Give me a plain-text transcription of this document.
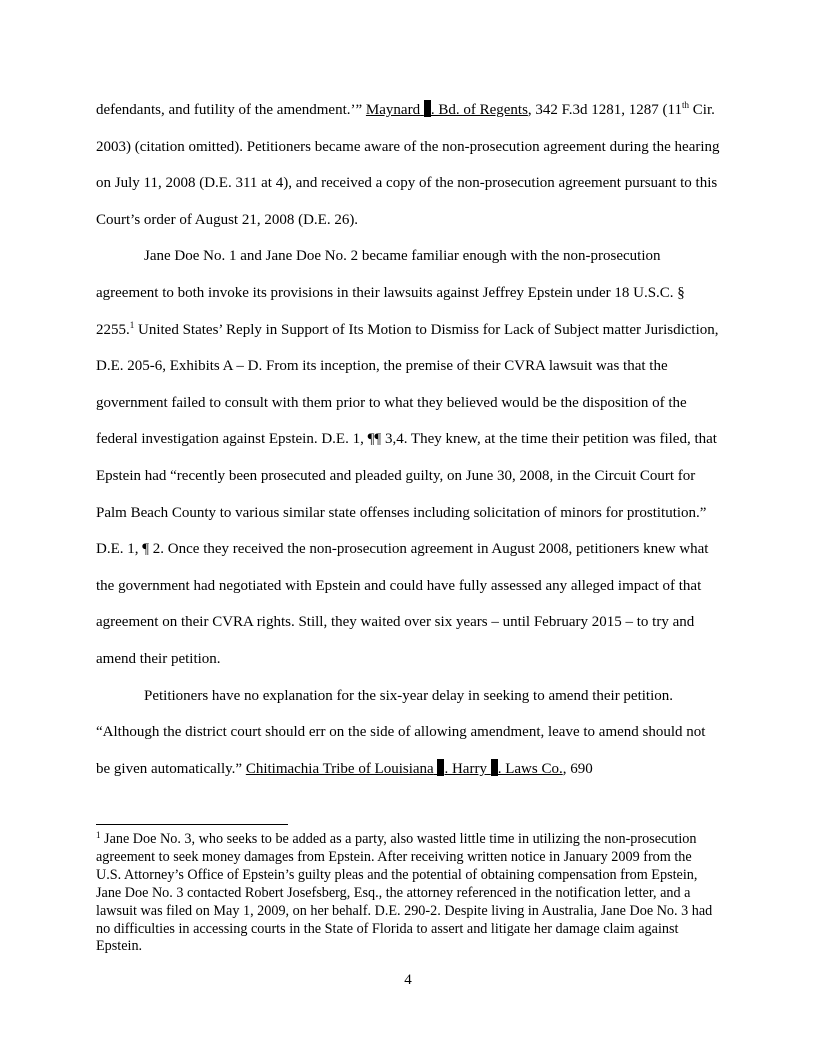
defendants, and futility of the amendment.’” Maynard . Bd. of Regents, 342 F.3d 1281, 1287 (11th Cir. 2003) (citation omitted). Petitioners became aware of the non-prosecution agreement during the hearing on July 11, 2008 (D.E. 311 at 4), and received a copy of the non-prosecution agreement pursuant to this Court’s order of August 21, 2008 (D.E. 26).

Jane Doe No. 1 and Jane Doe No. 2 became familiar enough with the non-prosecution agreement to both invoke its provisions in their lawsuits against Jeffrey Epstein under 18 U.S.C. § 2255.$^1$ United States’ Reply in Support of Its Motion to Dismiss for Lack of Subject matter Jurisdiction, D.E. 205-6, Exhibits A – D. From its inception, the premise of their CVRA lawsuit was that the government failed to consult with them prior to what they believed would be the disposition of the federal investigation against Epstein. D.E. 1, ¶¶ 3,4. They knew, at the time their petition was filed, that Epstein had “recently been prosecuted and pleaded guilty, on June 30, 2008, in the Circuit Court for Palm Beach County to various similar state offenses including solicitation of minors for prostitution.” D.E. 1, ¶ 2. Once they received the non-prosecution agreement in August 2008, petitioners knew what the government had negotiated with Epstein and could have fully assessed any alleged impact of that agreement on their CVRA rights. Still, they waited over six years – until February 2015 – to try and amend their petition.

Petitioners have no explanation for the six-year delay in seeking to amend their petition. “Although the district court should err on the side of allowing amendment, leave to amend should not be given automatically.” Chitimachia Tribe of Louisiana . Harry . Laws Co., 690

$^1$ Jane Doe No. 3, who seeks to be added as a party, also wasted little time in utilizing the non-prosecution agreement to seek money damages from Epstein. After receiving written notice in January 2009 from the U.S. Attorney’s Office of Epstein’s guilty pleas and the potential of obtaining compensation from Epstein, Jane Doe No. 3 contacted Robert Josefsberg, Esq., the attorney referenced in the notification letter, and a lawsuit was filed on May 1, 2009, on her behalf. D.E. 290-2. Despite living in Australia, Jane Doe No. 3 had no difficulties in accessing courts in the State of Florida to assert and litigate her damage claim against Epstein.

4
